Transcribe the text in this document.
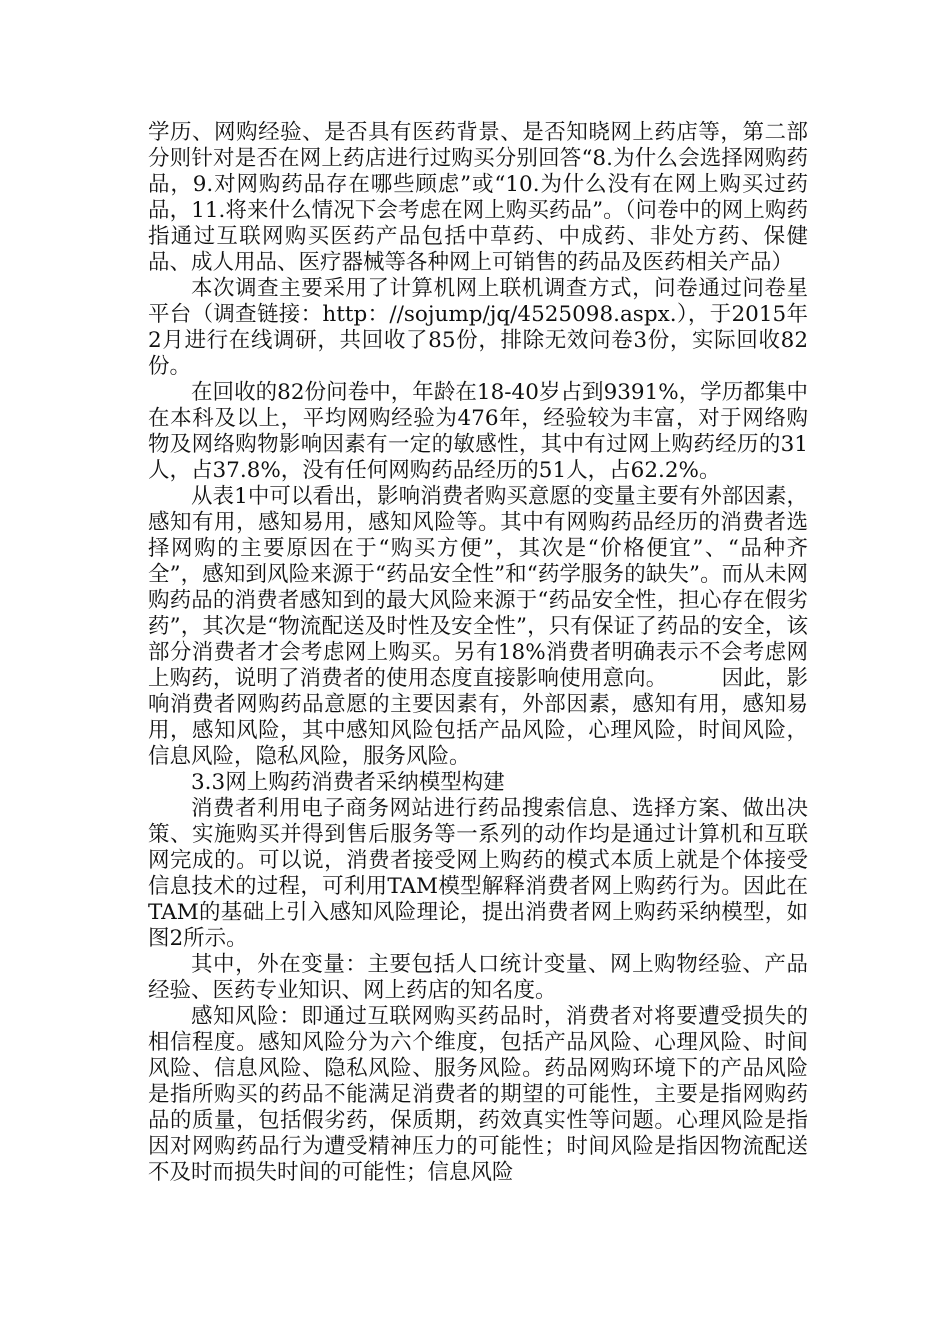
学历、网购经验、是否具有医药背景、是否知晓网上药店等，第二部分则针对是否在网上药店进行过购买分别回答“8.为什么会选择网购药品，9.对网购药品存在哪些顾虑”或“10.为什么没有在网上购买过药品，11.将来什么情况下会考虑在网上购买药品”。（问卷中的网上购药指通过互联网购买医药产品包括中草药、中成药、非处方药、保健品、成人用品、医疗器械等各种网上可销售的药品及医药相关产品）

本次调查主要采用了计算机网上联机调查方式，问卷通过问卷星平台（调查链接：http：//sojump/jq/4525098.aspx.），于2015年2月进行在线调研，共回收了85份，排除无效问卷3份，实际回收82份。

在回收的82份问卷中，年龄在18-40岁占到9391%，学历都集中在本科及以上，平均网购经验为476年，经验较为丰富，对于网络购物及网络购物影响因素有一定的敏感性，其中有过网上购药经历的31人，占37.8%，没有任何网购药品经历的51人，占62.2%。

从表1中可以看出，影响消费者购买意愿的变量主要有外部因素，感知有用，感知易用，感知风险等。其中有网购药品经历的消费者选择网购的主要原因在于“购买方便”，其次是“价格便宜”、“品种齐全”，感知到风险来源于“药品安全性”和“药学服务的缺失”。而从未网购药品的消费者感知到的最大风险来源于“药品安全性，担心存在假劣药”，其次是“物流配送及时性及安全性”，只有保证了药品的安全，该部分消费者才会考虑网上购买。另有18%消费者明确表示不会考虑网上购药，说明了消费者的使用态度直接影响使用意向。　　　因此，影响消费者网购药品意愿的主要因素有，外部因素，感知有用，感知易用，感知风险，其中感知风险包括产品风险，心理风险，时间风险，信息风险，隐私风险，服务风险。

3.3网上购药消费者采纳模型构建

消费者利用电子商务网站进行药品搜索信息、选择方案、做出决策、实施购买并得到售后服务等一系列的动作均是通过计算机和互联网完成的。可以说，消费者接受网上购药的模式本质上就是个体接受信息技术的过程，可利用TAM模型解释消费者网上购药行为。因此在TAM的基础上引入感知风险理论，提出消费者网上购药采纳模型，如图2所示。

其中，外在变量：主要包括人口统计变量、网上购物经验、产品经验、医药专业知识、网上药店的知名度。

感知风险：即通过互联网购买药品时，消费者对将要遭受损失的相信程度。感知风险分为六个维度，包括产品风险、心理风险、时间风险、信息风险、隐私风险、服务风险。药品网购环境下的产品风险是指所购买的药品不能满足消费者的期望的可能性，主要是指网购药品的质量，包括假劣药，保质期，药效真实性等问题。心理风险是指因对网购药品行为遭受精神压力的可能性；时间风险是指因物流配送不及时而损失时间的可能性；信息风险
